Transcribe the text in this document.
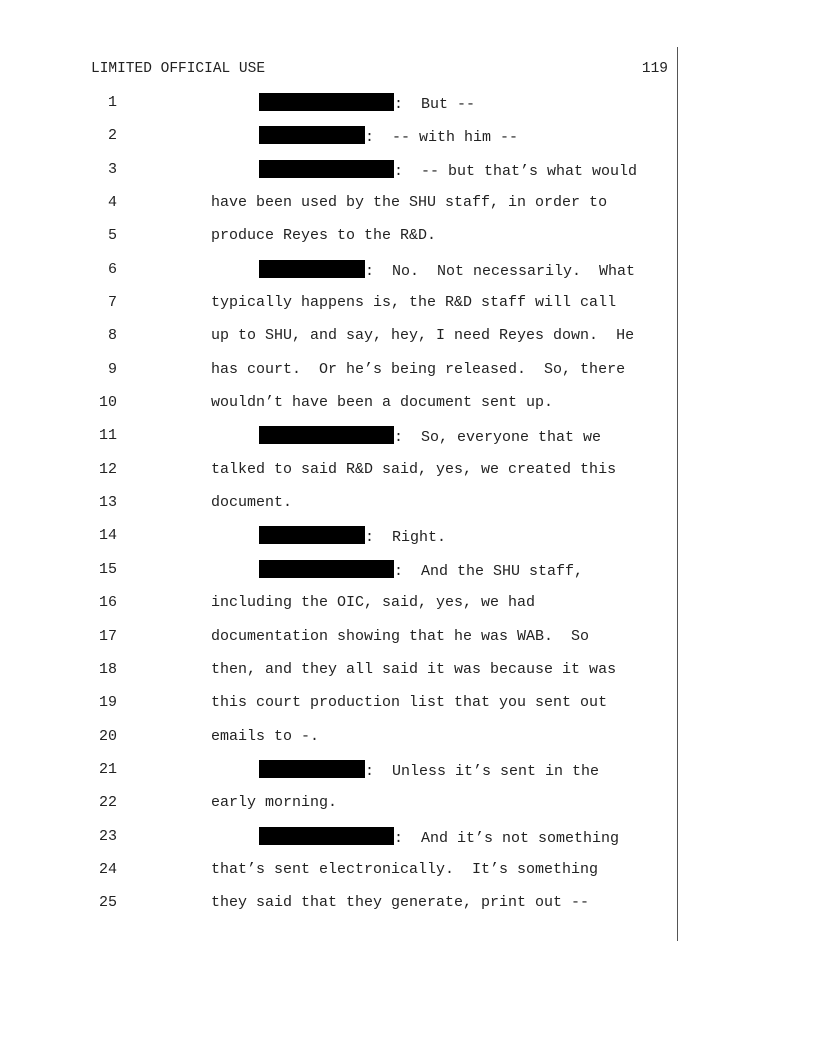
LIMITED OFFICIAL USE	119
1	:  But --
2	:  -- with him --
3	:  -- but that’s what would
4	have been used by the SHU staff, in order to
5	produce Reyes to the R&D.
6	:  No.  Not necessarily.  What
7	typically happens is, the R&D staff will call
8	up to SHU, and say, hey, I need Reyes down.  He
9	has court.  Or he’s being released.  So, there
10	wouldn’t have been a document sent up.
11	:  So, everyone that we
12	talked to said R&D said, yes, we created this
13	document.
14	:  Right.
15	:  And the SHU staff,
16	including the OIC, said, yes, we had
17	documentation showing that he was WAB.  So
18	then, and they all said it was because it was
19	this court production list that you sent out
20	emails to -.
21	:  Unless it’s sent in the
22	early morning.
23	:  And it’s not something
24	that’s sent electronically.  It’s something
25	they said that they generate, print out --
